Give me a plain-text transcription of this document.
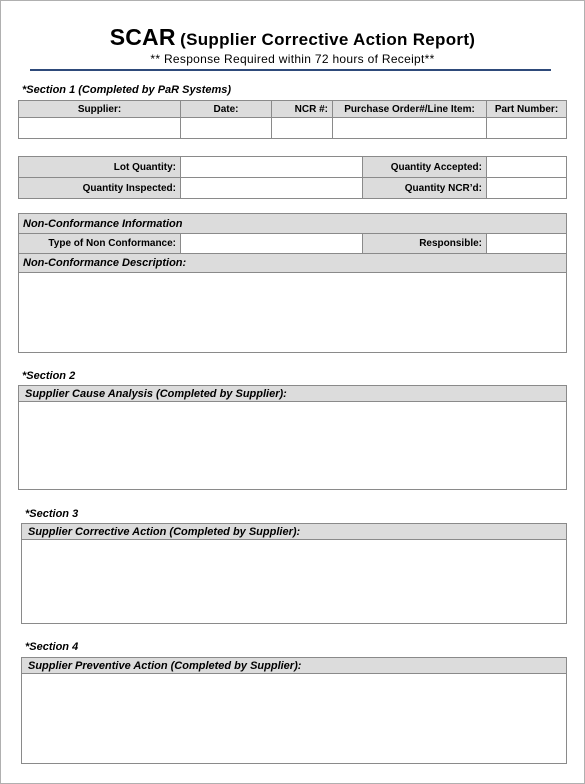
SCAR (Supplier Corrective Action Report)
** Response Required within 72 hours of Receipt**
*Section 1 (Completed by PaR Systems)
Supplier:	Date:	NCR #:	Purchase Order#/Line Item:	Part Number:

Lot Quantity:		Quantity Accepted:	
Quantity Inspected:		Quantity NCR’d:	
Non-Conformance Information
Type of Non Conformance:		Responsible:	
Non-Conformance Description:

*Section 2
Supplier Cause Analysis (Completed by Supplier):
*Section 3
Supplier Corrective Action (Completed by Supplier):
*Section 4
Supplier Preventive Action (Completed by Supplier):
